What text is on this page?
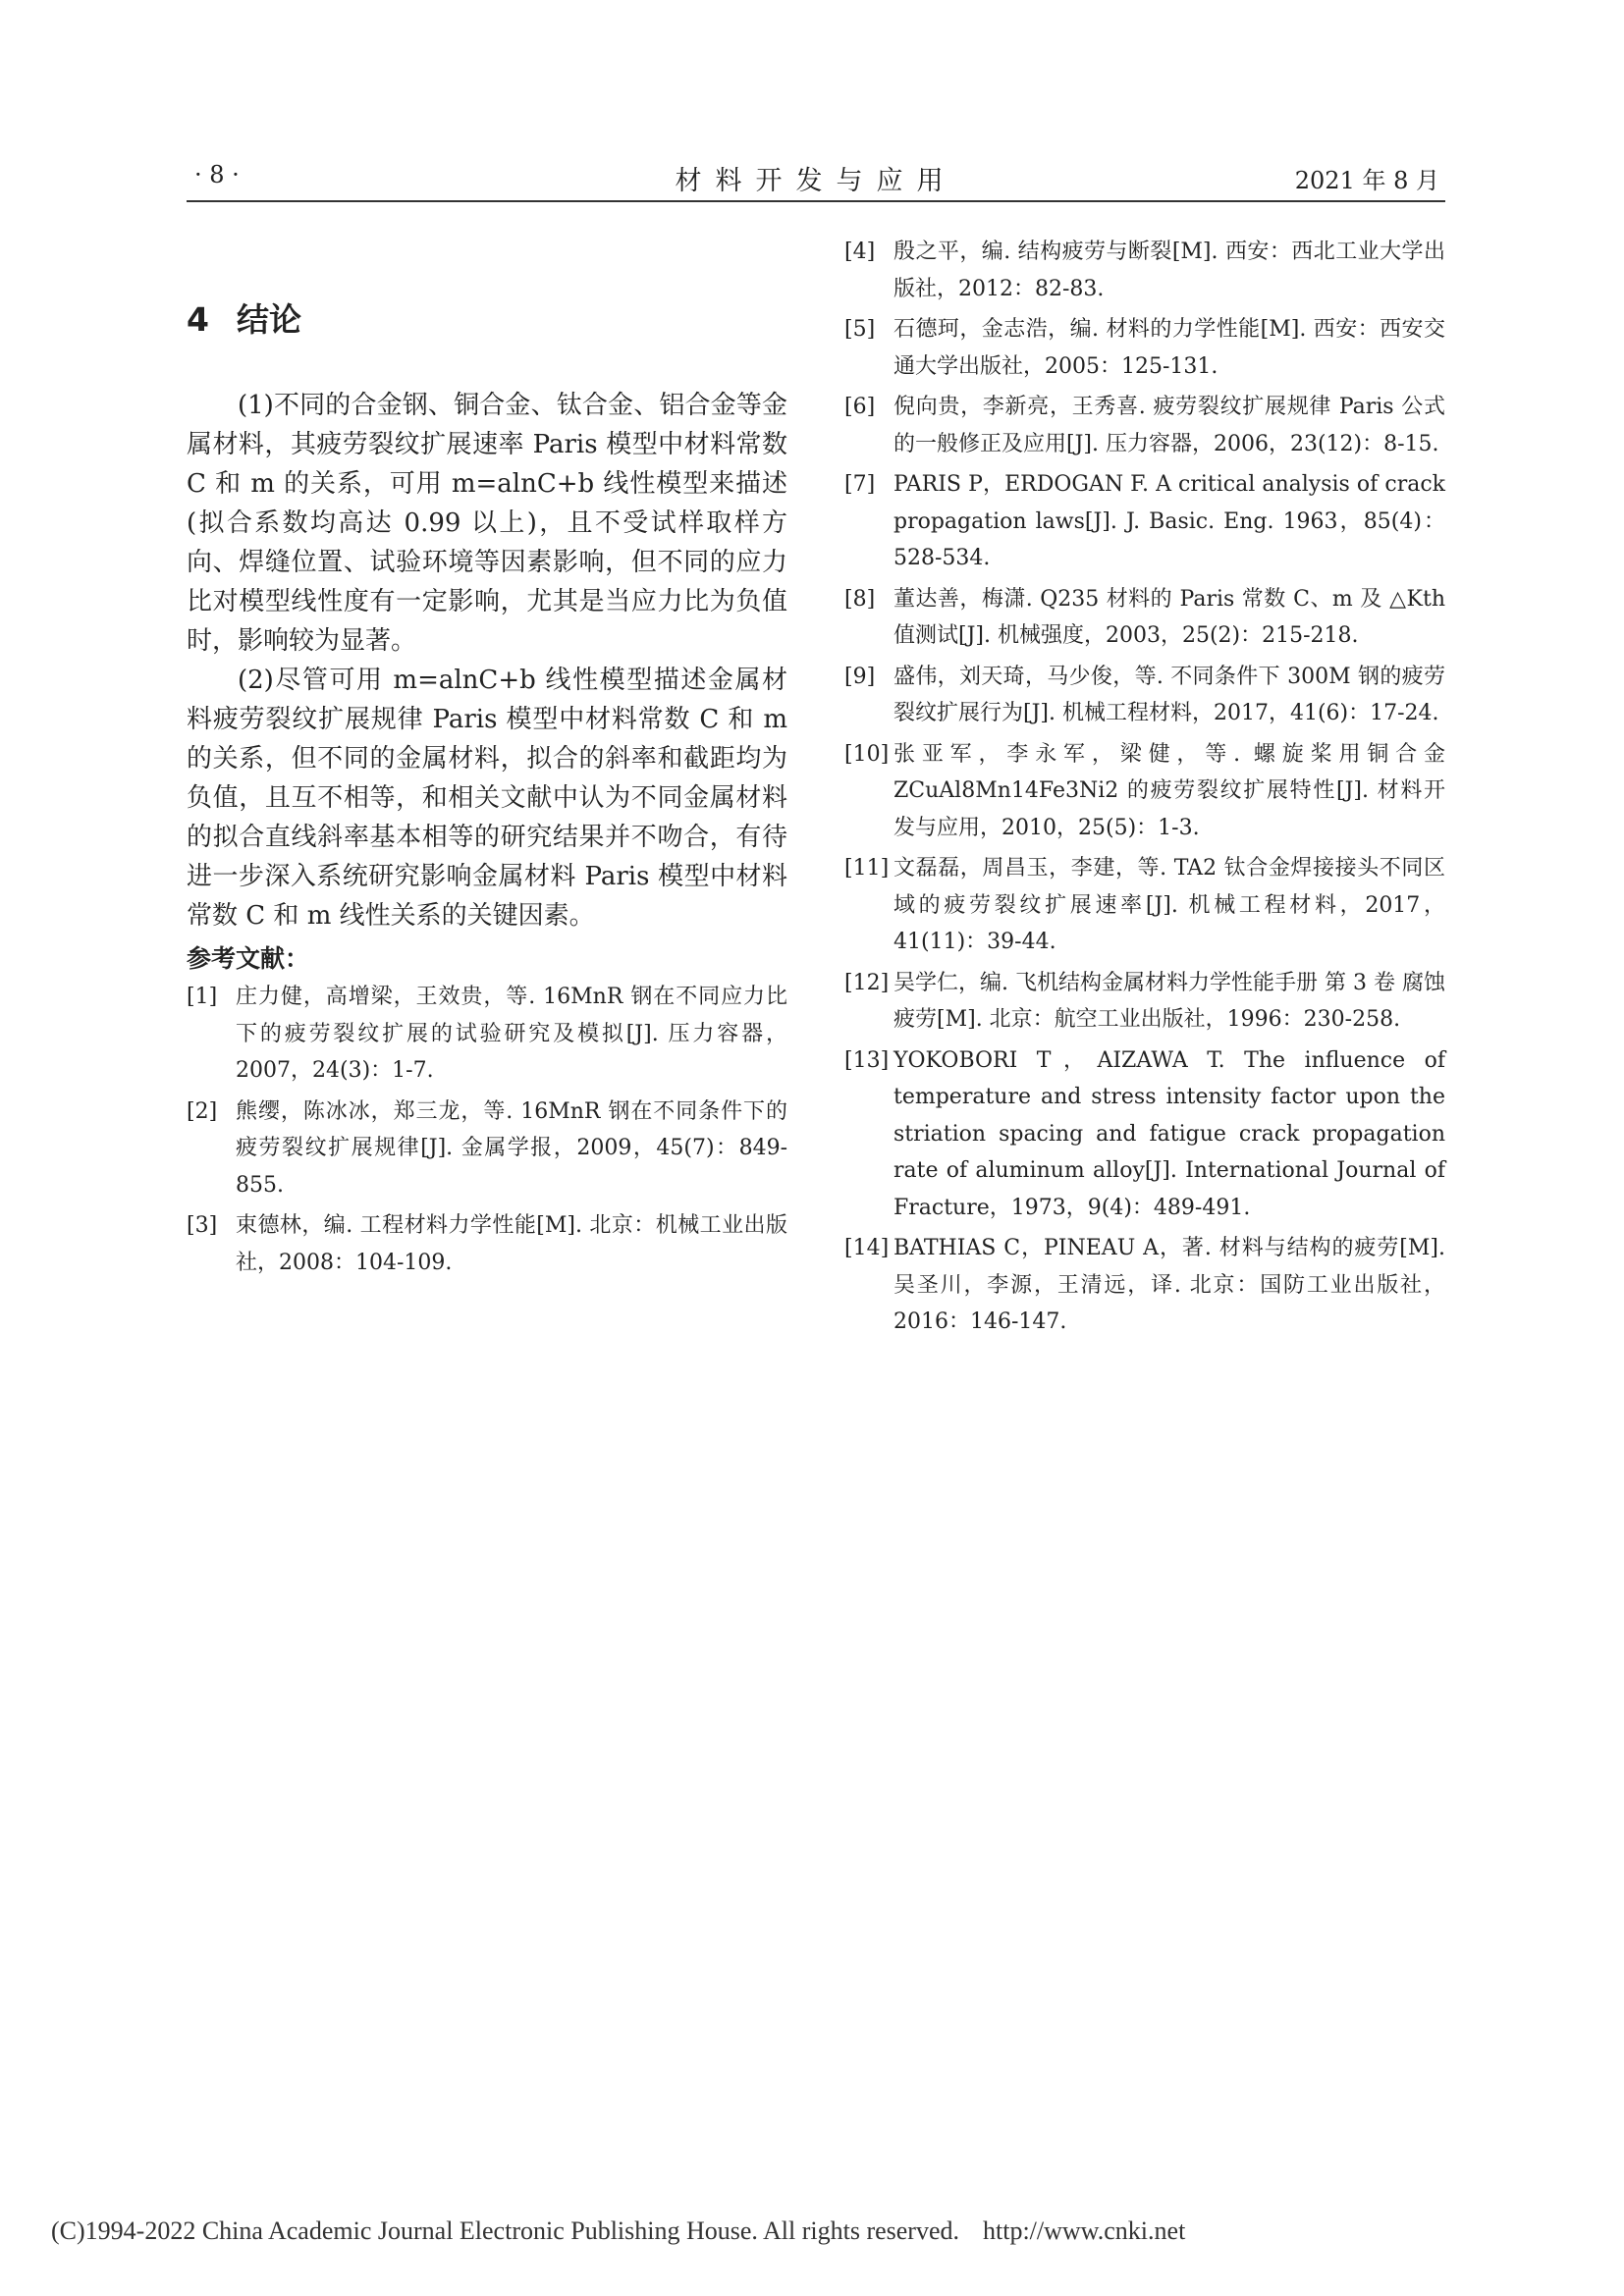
· 8 ·	材料开发与应用	2021 年 8 月
4 结论

(1)不同的合金钢、铜合金、钛合金、铝合金等金属材料，其疲劳裂纹扩展速率 Paris 模型中材料常数 C 和 m 的关系，可用 m=alnC+b 线性模型来描述(拟合系数均高达 0.99 以上)，且不受试样取样方向、焊缝位置、试验环境等因素影响，但不同的应力比对模型线性度有一定影响，尤其是当应力比为负值时，影响较为显著。

(2)尽管可用 m=alnC+b 线性模型描述金属材料疲劳裂纹扩展规律 Paris 模型中材料常数 C 和 m 的关系，但不同的金属材料，拟合的斜率和截距均为负值，且互不相等，和相关文献中认为不同金属材料的拟合直线斜率基本相等的研究结果并不吻合，有待进一步深入系统研究影响金属材料 Paris 模型中材料常数 C 和 m 线性关系的关键因素。

参考文献：
[1] 庄力健，高增梁，王效贵，等. 16MnR 钢在不同应力比下的疲劳裂纹扩展的试验研究及模拟[J]. 压力容器，2007，24(3)：1-7.
[2] 熊缨，陈冰冰，郑三龙，等. 16MnR 钢在不同条件下的疲劳裂纹扩展规律[J]. 金属学报，2009，45(7)：849-855.
[3] 束德林，编. 工程材料力学性能[M]. 北京：机械工业出版社，2008：104-109.
[4] 殷之平，编. 结构疲劳与断裂[M]. 西安：西北工业大学出版社，2012：82-83.
[5] 石德珂，金志浩，编. 材料的力学性能[M]. 西安：西安交通大学出版社，2005：125-131.
[6] 倪向贵，李新亮，王秀喜. 疲劳裂纹扩展规律 Paris 公式的一般修正及应用[J]. 压力容器，2006，23(12)：8-15.
[7] PARIS P，ERDOGAN F. A critical analysis of crack propagation laws[J]. J. Basic. Eng. 1963，85(4)：528-534.
[8] 董达善，梅潇. Q235 材料的 Paris 常数 C、m 及 △Kth 值测试[J]. 机械强度，2003，25(2)：215-218.
[9] 盛伟，刘天琦，马少俊，等. 不同条件下 300M 钢的疲劳裂纹扩展行为[J]. 机械工程材料，2017，41(6)：17-24.
[10] 张亚军，李永军，梁健，等. 螺旋桨用铜合金 ZCuAl8Mn14Fe3Ni2 的疲劳裂纹扩展特性[J]. 材料开发与应用，2010，25(5)：1-3.
[11] 文磊磊，周昌玉，李建，等. TA2 钛合金焊接接头不同区域的疲劳裂纹扩展速率[J]. 机械工程材料，2017，41(11)：39-44.
[12] 吴学仁，编. 飞机结构金属材料力学性能手册 第 3 卷 腐蚀疲劳[M]. 北京：航空工业出版社，1996：230-258.
[13] YOKOBORI T，AIZAWA T. The influence of temperature and stress intensity factor upon the striation spacing and fatigue crack propagation rate of aluminum alloy[J]. International Journal of Fracture，1973，9(4)：489-491.
[14] BATHIAS C，PINEAU A，著. 材料与结构的疲劳[M]. 吴圣川，李源，王清远，译. 北京：国防工业出版社，2016：146-147.
(C)1994-2022 China Academic Journal Electronic Publishing House. All rights reserved. http://www.cnki.net
